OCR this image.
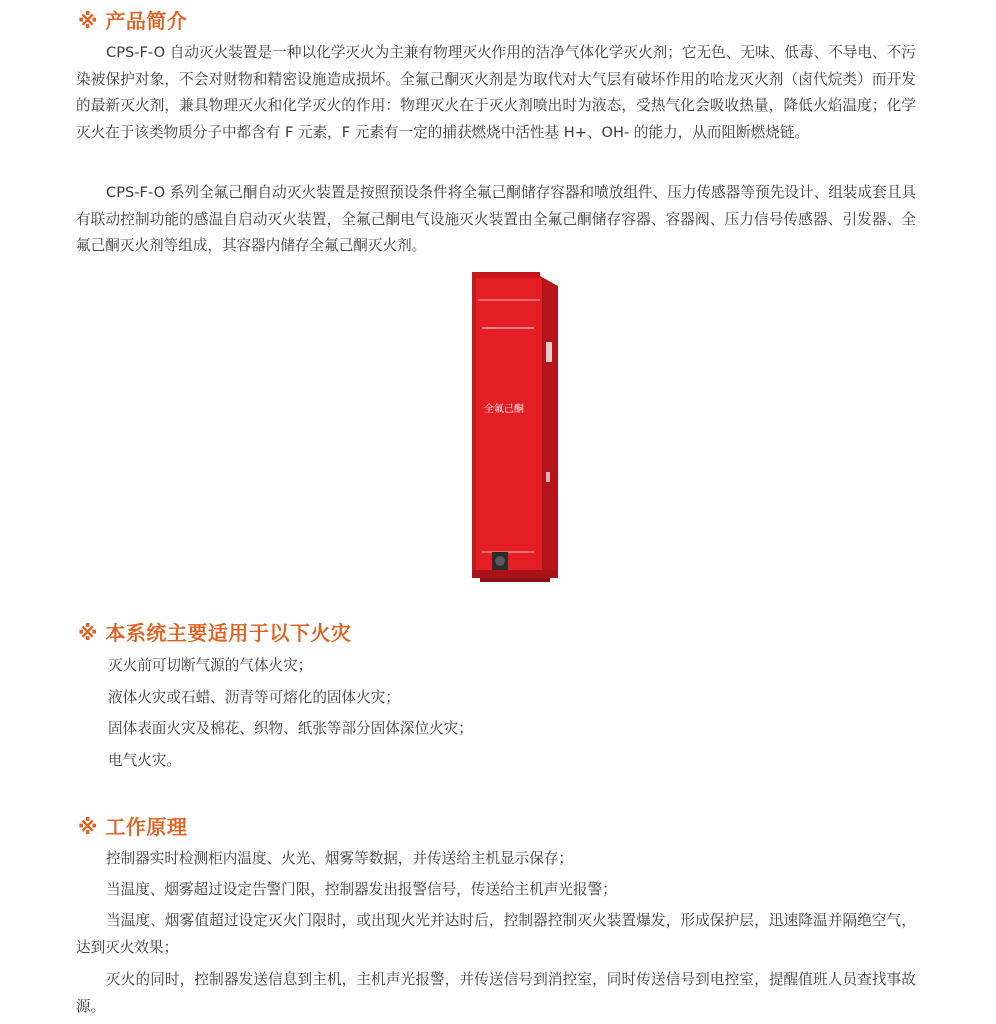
※ 产品简介
CPS-F-O 自动灭火装置是一种以化学灭火为主兼有物理灭火作用的洁净气体化学灭火剂；它无色、无味、低毒、不导电、不污染被保护对象，不会对财物和精密设施造成损坏。全氟己酮灭火剂是为取代对大气层有破坏作用的哈龙灭火剂（卤代烷类）而开发的最新灭火剂，兼具物理灭火和化学灭火的作用：物理灭火在于灭火剂喷出时为液态，受热气化会吸收热量，降低火焰温度；化学灭火在于该类物质分子中都含有 F 元素，F 元素有一定的捕获燃烧中活性基 H+、OH- 的能力，从而阻断燃烧链。
CPS-F-O 系列全氟己酮自动灭火装置是按照预设条件将全氟己酮储存容器和喷放组件、压力传感器等预先设计、组装成套且具有联动控制功能的感温自启动灭火装置，全氟己酮电气设施灭火装置由全氟己酮储存容器、容器阀、压力信号传感器、引发器、全氟己酮灭火剂等组成，其容器内储存全氟己酮灭火剂。
全氟己酮
※ 本系统主要适用于以下火灾
灭火前可切断气源的气体火灾；
液体火灾或石蜡、沥青等可熔化的固体火灾；
固体表面火灾及棉花、织物、纸张等部分固体深位火灾；
电气火灾。
※ 工作原理
控制器实时检测柜内温度、火光、烟雾等数据，并传送给主机显示保存；
当温度、烟雾超过设定告警门限，控制器发出报警信号，传送给主机声光报警；
当温度、烟雾值超过设定灭火门限时，或出现火光并达时后，控制器控制灭火装置爆发，形成保护层，迅速降温并隔绝空气，达到灭火效果；
灭火的同时，控制器发送信息到主机，主机声光报警，并传送信号到消控室，同时传送信号到电控室，提醒值班人员查找事故源。
